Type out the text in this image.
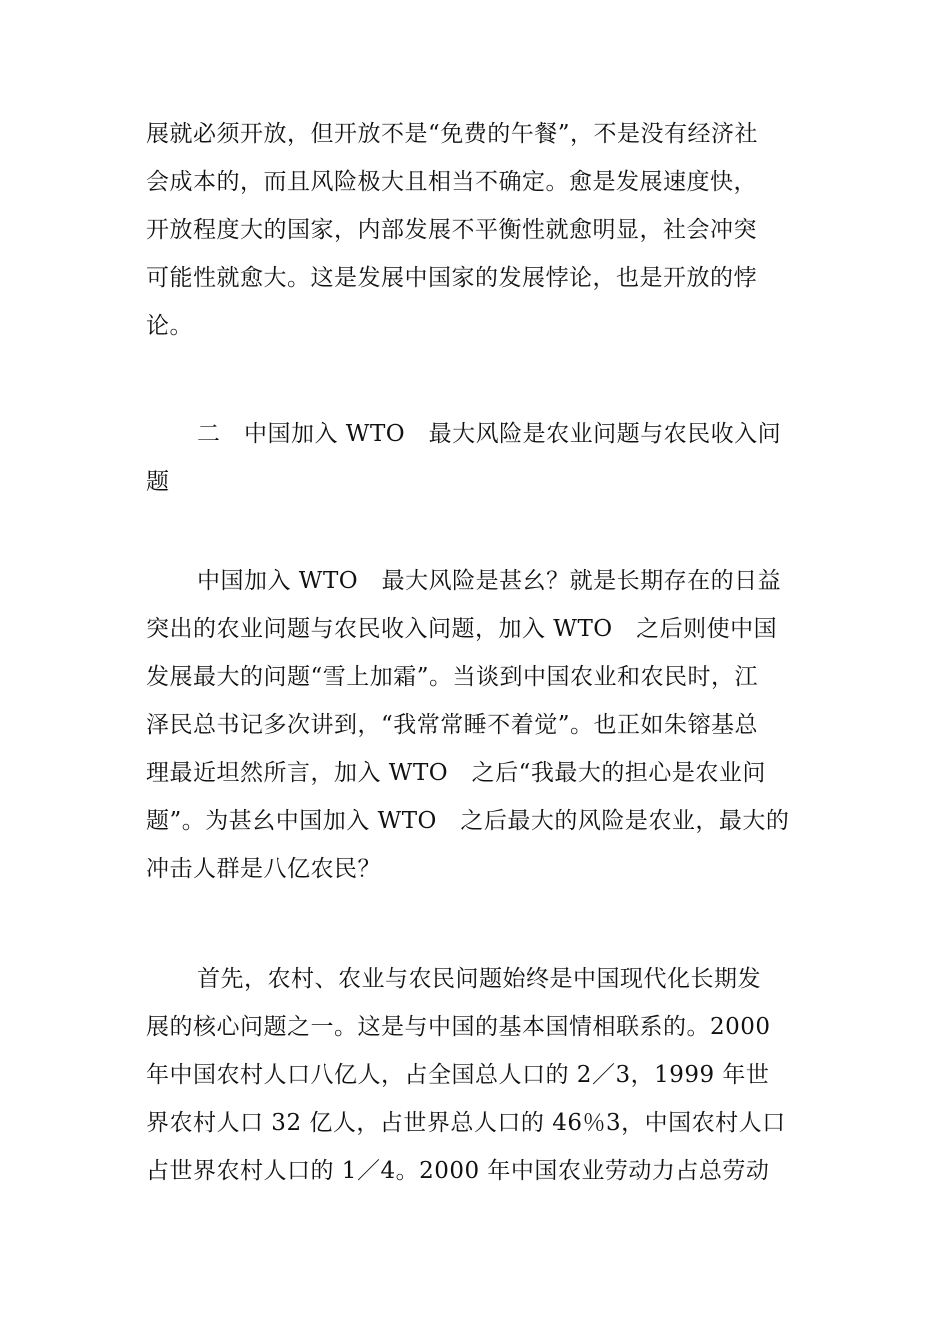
展就必须开放，但开放不是“免费的午餐”，不是没有经济社
会成本的，而且风险极大且相当不确定。愈是发展速度快，
开放程度大的国家，内部发展不平衡性就愈明显，社会冲突
可能性就愈大。这是发展中国家的发展悖论，也是开放的悖
论。
二　中国加入 WTO　最大风险是农业问题与农民收入问
题
中国加入 WTO　最大风险是甚幺？就是长期存在的日益
突出的农业问题与农民收入问题，加入 WTO　之后则使中国
发展最大的问题“雪上加霜”。当谈到中国农业和农民时，江
泽民总书记多次讲到，“我常常睡不着觉”。也正如朱镕基总
理最近坦然所言，加入 WTO　之后“我最大的担心是农业问
题”。为甚幺中国加入 WTO　之后最大的风险是农业，最大的
冲击人群是八亿农民？
首先，农村、农业与农民问题始终是中国现代化长期发
展的核心问题之一。这是与中国的基本国情相联系的。2000
年中国农村人口八亿人，占全国总人口的 2／3，1999 年世
界农村人口 32 亿人，占世界总人口的 46％3，中国农村人口
占世界农村人口的 1／4。2000 年中国农业劳动力占总劳动
